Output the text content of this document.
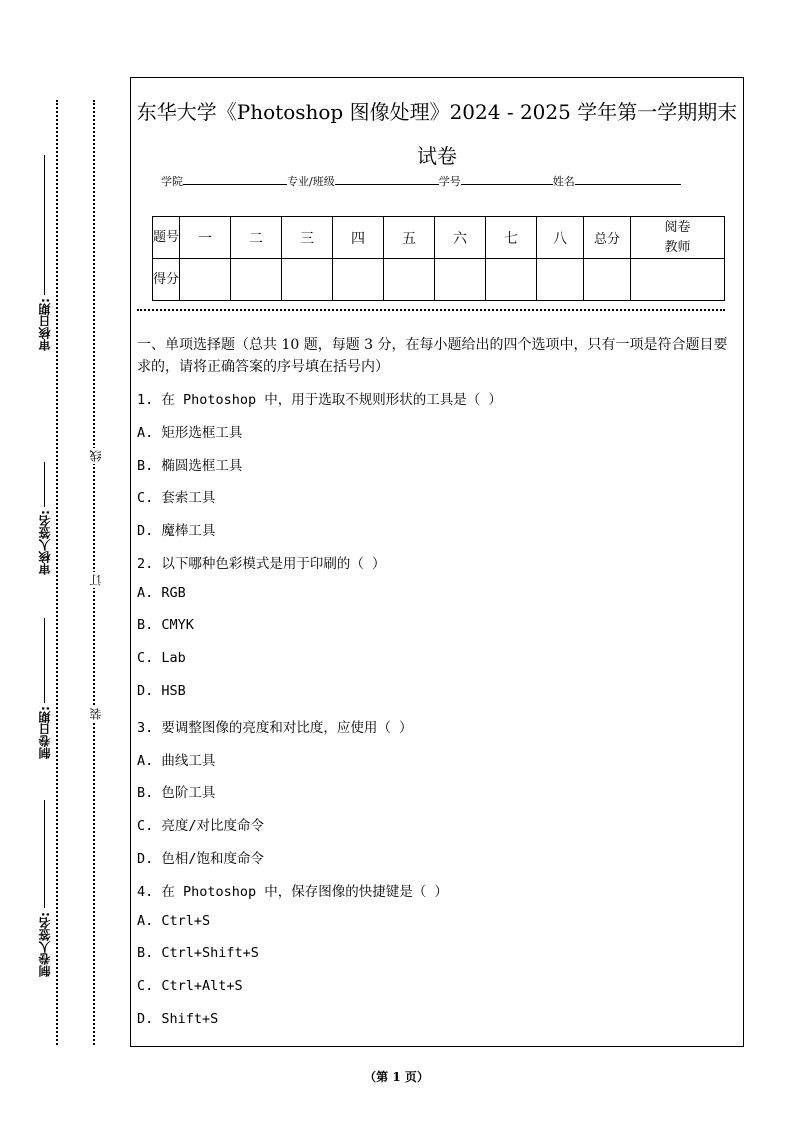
审核日期:
审核人签名:
制卷日期:
制卷人签名:
线
订
装
东华大学《Photoshop 图像处理》2024 - 2025 学年第一学期期末试卷
学院	专业/班级	学号	姓名
题号	一	二	三	四	五	六	七	八	总分	阅卷教师
得分										
一、单项选择题（总共 10 题，每题 3 分，在每小题给出的四个选项中，只有一项是符合题目要求的，请将正确答案的序号填在括号内）
1. 在 Photoshop 中，用于选取不规则形状的工具是（ ）
A. 矩形选框工具
B. 椭圆选框工具
C. 套索工具
D. 魔棒工具
2. 以下哪种色彩模式是用于印刷的（ ）
A. RGB
B. CMYK
C. Lab
D. HSB
3. 要调整图像的亮度和对比度，应使用（ ）
A. 曲线工具
B. 色阶工具
C. 亮度/对比度命令
D. 色相/饱和度命令
4. 在 Photoshop 中，保存图像的快捷键是（ ）
A. Ctrl+S
B. Ctrl+Shift+S
C. Ctrl+Alt+S
D. Shift+S
（第 1 页）
